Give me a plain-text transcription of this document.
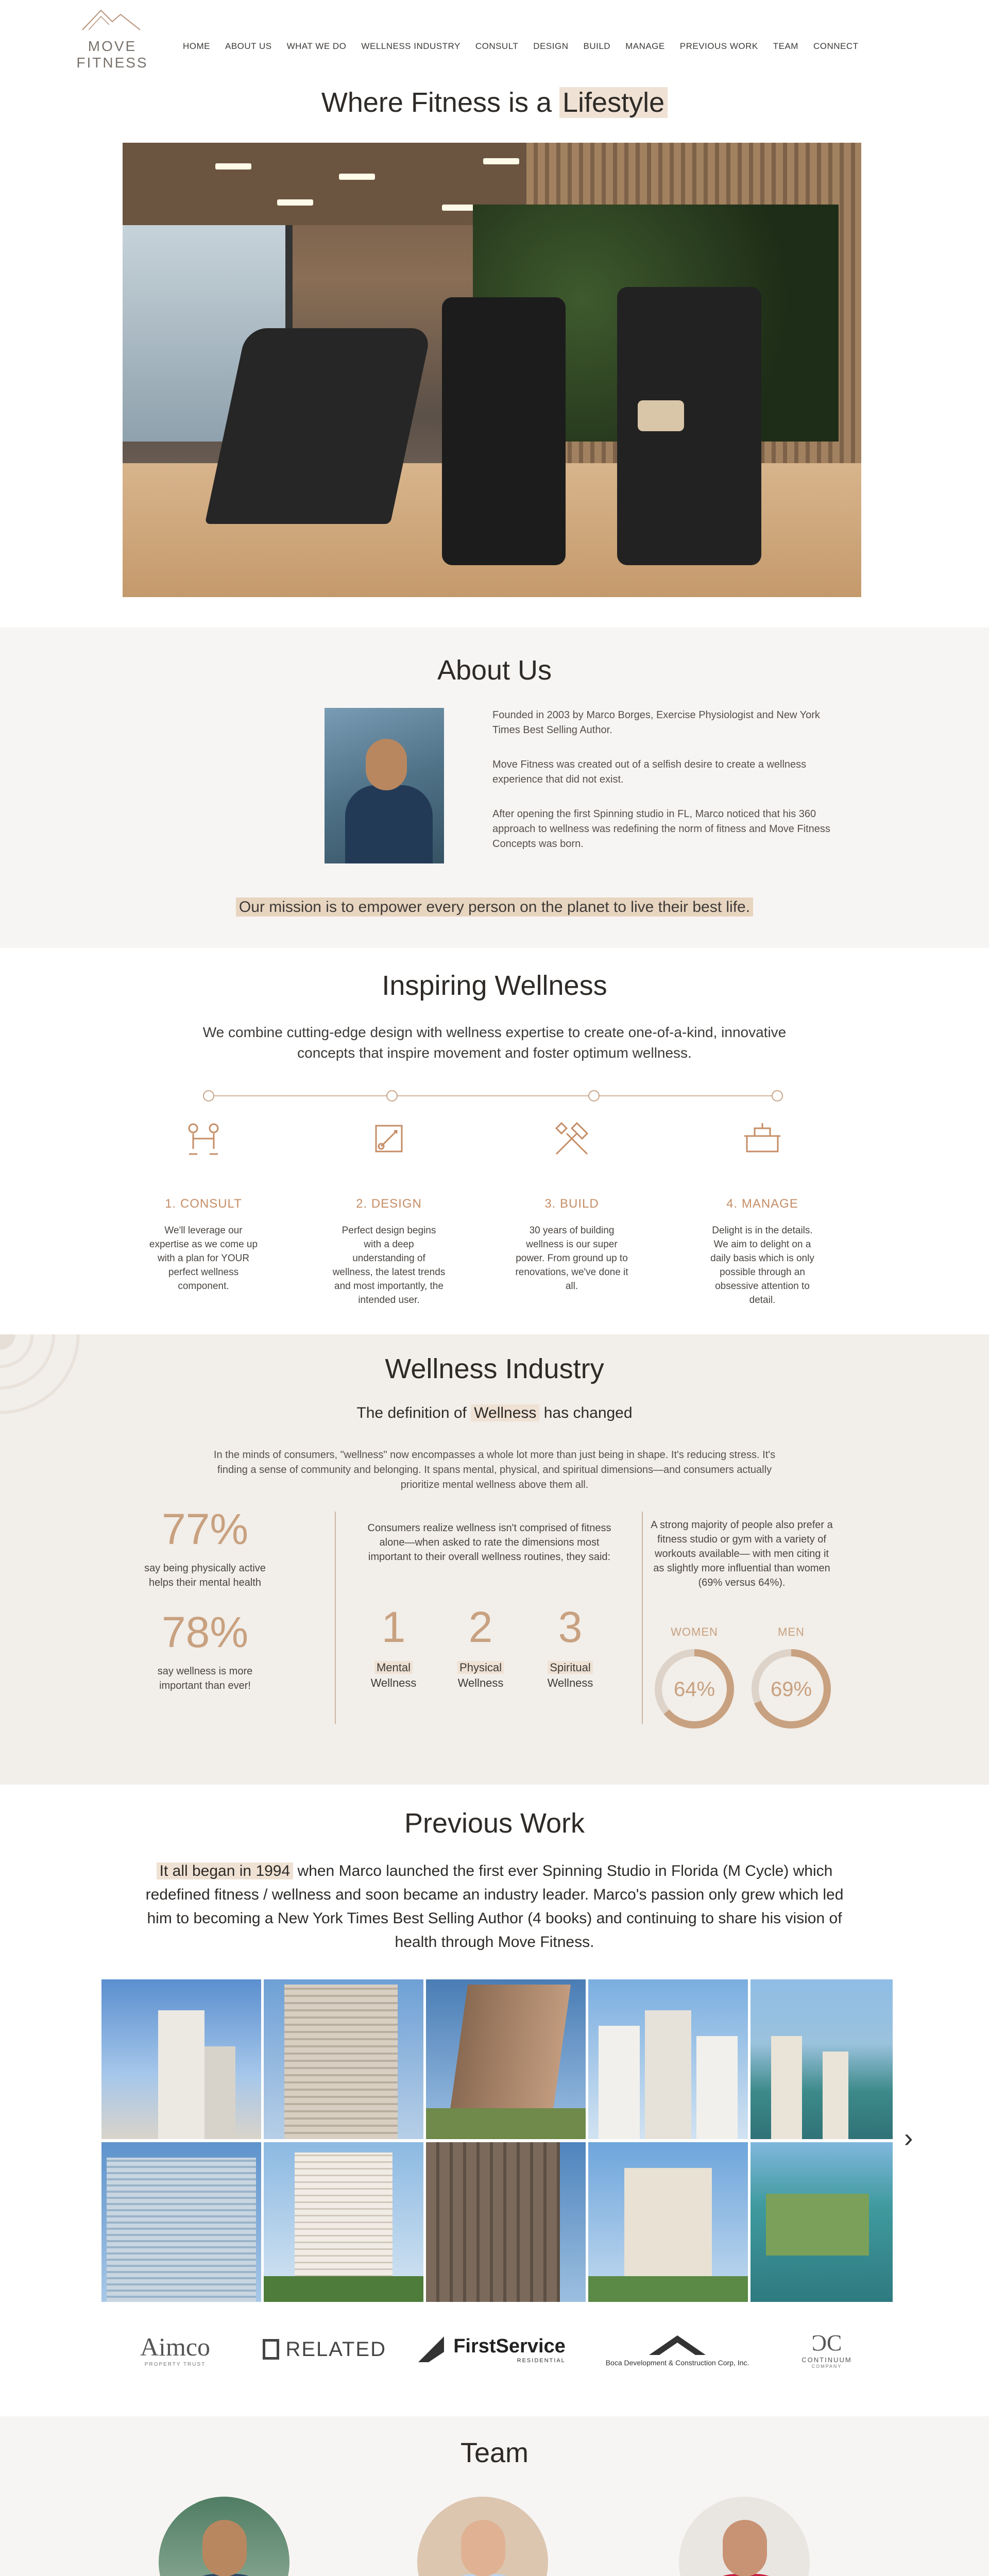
MOVE FITNESS
HOME ABOUT US WHAT WE DO WELLNESS INDUSTRY CONSULT DESIGN BUILD MANAGE PREVIOUS WORK TEAM CONNECT
Where Fitness is a Lifestyle
About Us

Founded in 2003 by Marco Borges, Exercise Physiologist and New York Times Best Selling Author.

Move Fitness was created out of a selfish desire to create a wellness experience that did not exist.

After opening the first Spinning studio in FL, Marco noticed that his 360 approach to wellness was redefining the norm of fitness and Move Fitness Concepts was born.

Our mission is to empower every person on the planet to live their best life.
Inspiring Wellness
We combine cutting-edge design with wellness expertise to create one-of-a-kind, innovative concepts that inspire movement and foster optimum wellness.
1. CONSULT
We'll leverage our expertise as we come up with a plan for YOUR perfect wellness component.
2. DESIGN
Perfect design begins with a deep understanding of wellness, the latest trends and most importantly, the intended user.
3. BUILD
30 years of building wellness is our super power. From ground up to renovations, we've done it all.
4. MANAGE
Delight is in the details. We aim to delight on a daily basis which is only possible through an obsessive attention to detail.
Wellness Industry
The definition of Wellness has changed

In the minds of consumers, "wellness" now encompasses a whole lot more than just being in shape. It's reducing stress. It's finding a sense of community and belonging. It spans mental, physical, and spiritual dimensions—and consumers actually prioritize mental wellness above them all.

77%
say being physically active helps their mental health
78%
say wellness is more important than ever!
Consumers realize wellness isn't comprised of fitness alone—when asked to rate the dimensions most important to their overall wellness routines, they said:
1
Mental
Wellness
2
Physical
Wellness
3
Spiritual
Wellness
A strong majority of people also prefer a fitness studio or gym with a variety of workouts available— with men citing it as slightly more influential than women (69% versus 64%).
WOMEN	MEN
64%	69%
Previous Work
It all began in 1994 when Marco launched the first ever Spinning Studio in Florida (M Cycle) which redefined fitness / wellness and soon became an industry leader. Marco's passion only grew which led him to becoming a New York Times Best Selling Author (4 books) and continuing to share his vision of health through Move Fitness.
›
Aimco
PROPERTY TRUST
RELATED	FirstService
RESIDENTIAL	Boca Development & Construction Corp, Inc.
ƆC
CONTINUUM
COMPANY
Team
